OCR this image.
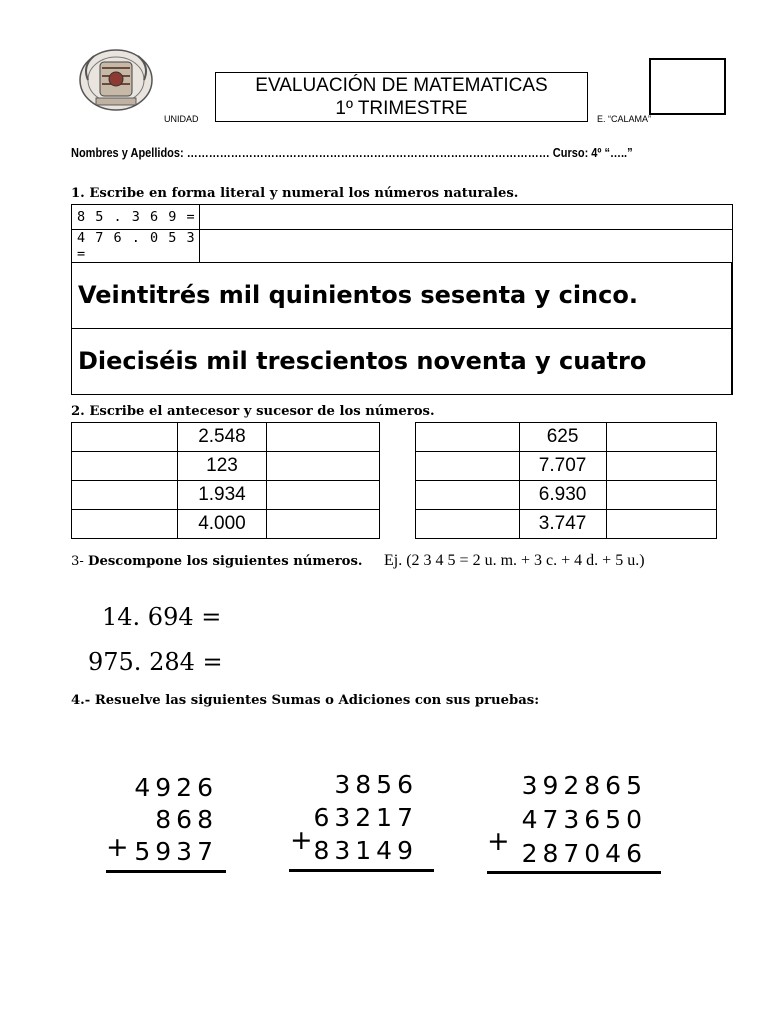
UNIDAD
EVALUACIÓN DE MATEMATICAS
1º TRIMESTRE	E. “CALAMA”
Nombres y Apellidos: ……………………………………………………………………………………… Curso: 4º “…..”
1. Escribe en forma literal y numeral los números naturales.
8 5 . 3 6 9 =		
4 7 6 . 0 5 3 =		
Veintitrés mil quinientos sesenta y cinco.		
Dieciséis mil trescientos noventa y cuatro		
2. Escribe el antecesor y sucesor de los números.
	2.548	
	123	
	1.934	
	4.000	
	625	
	7.707	
	6.930	
	3.747	
3- Descompone los siguientes números. Ej. (2 3 4 5 = 2 u. m. + 3 c. + 4 d. + 5 u.)
14. 694 =
975. 284 =
4.- Resuelve las siguientes Sumas o Adiciones con sus pruebas:
4926
868
5937
+
3856
63217
83149
+
392865
473650
287046
+
